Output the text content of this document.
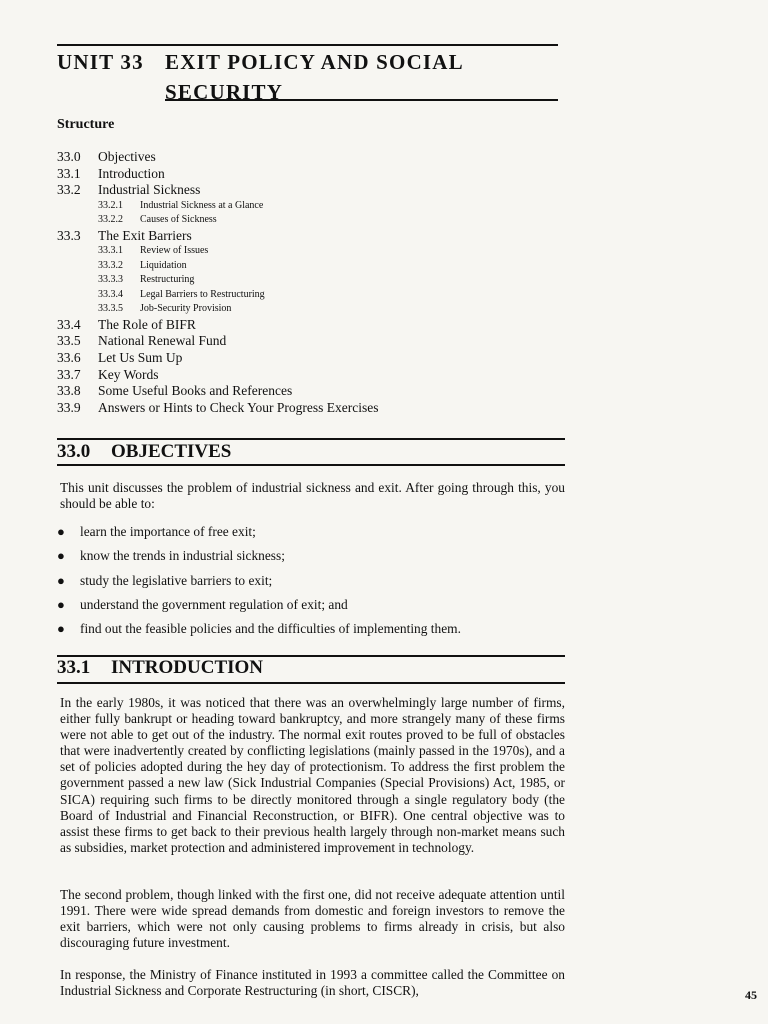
UNIT 33 EXIT POLICY AND SOCIAL
SECURITY
Structure
33.0 Objectives
33.1 Introduction
33.2 Industrial Sickness
33.2.1 Industrial Sickness at a Glance
33.2.2 Causes of Sickness
33.3 The Exit Barriers
33.3.1 Review of Issues
33.3.2 Liquidation
33.3.3 Restructuring
33.3.4 Legal Barriers to Restructuring
33.3.5 Job-Security Provision
33.4 The Role of BIFR
33.5 National Renewal Fund
33.6 Let Us Sum Up
33.7 Key Words
33.8 Some Useful Books and References
33.9 Answers or Hints to Check Your Progress Exercises
33.0 OBJECTIVES
This unit discusses the problem of industrial sickness and exit. After going through this, you should be able to:
● learn the importance of free exit;
● know the trends in industrial sickness;
● study the legislative barriers to exit;
● understand the government regulation of exit; and
● find out the feasible policies and the difficulties of implementing them.
33.1 INTRODUCTION
In the early 1980s, it was noticed that there was an overwhelmingly large number of firms, either fully bankrupt or heading toward bankruptcy, and more strangely many of these firms were not able to get out of the industry. The normal exit routes proved to be full of obstacles that were inadvertently created by conflicting legislations (mainly passed in the 1970s), and a set of policies adopted during the hey day of protectionism. To address the first problem the government passed a new law (Sick Industrial Companies (Special Provisions) Act, 1985, or SICA) requiring such firms to be directly monitored through a single regulatory body (the Board of Industrial and Financial Reconstruction, or BIFR). One central objective was to assist these firms to get back to their previous health largely through non-market means such as subsidies, market protection and administered improvement in technology.
The second problem, though linked with the first one, did not receive adequate attention until 1991. There were wide spread demands from domestic and foreign investors to remove the exit barriers, which were not only causing problems to firms already in crisis, but also discouraging future investment.
In response, the Ministry of Finance instituted in 1993 a committee called the Committee on Industrial Sickness and Corporate Restructuring (in short, CISCR),	45
